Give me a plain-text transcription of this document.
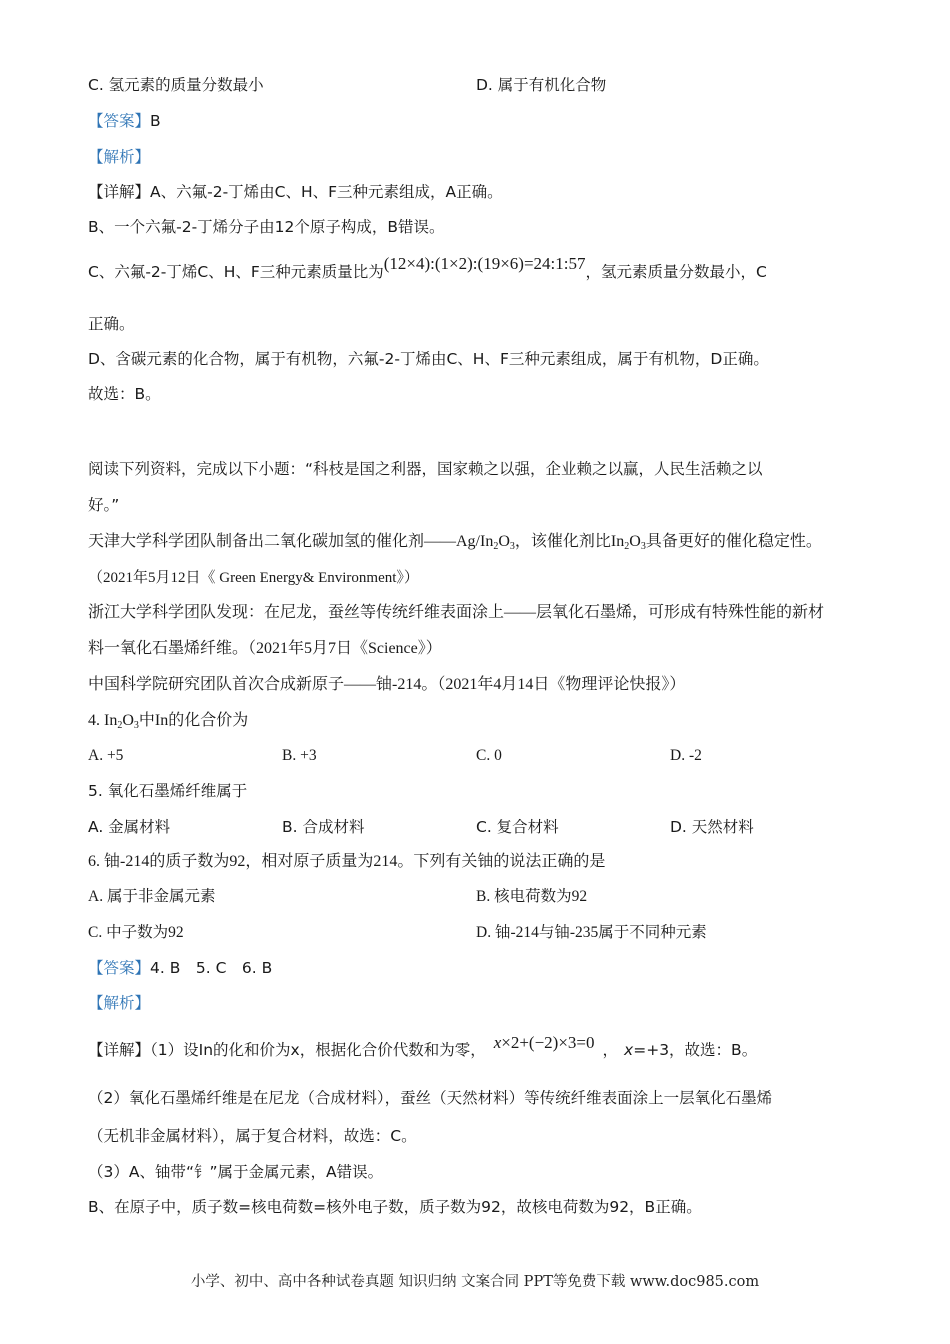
C. 氢元素的质量分数最小	D. 属于有机化合物
【答案】B
【解析】
【详解】A、六氟-2-丁烯由C、H、F三种元素组成，A正确。
B、一个六氟-2-丁烯分子由12个原子构成，B错误。
C、六氟-2-丁烯C、H、F三种元素质量比为(12×4):(1×2):(19×6)=24:1:57，氢元素质量分数最小，C
正确。
D、含碳元素的化合物，属于有机物，六氟-2-丁烯由C、H、F三种元素组成，属于有机物，D正确。
故选：B。
阅读下列资料，完成以下小题：“科枝是国之利器，国家赖之以强，企业赖之以赢，人民生活赖之以
好。”
天津大学科学团队制备出二氧化碳加氢的催化剂$——Ag/In_2O_3$，该催化剂比$In_2O_3$具备更好的催化稳定性。
（2021年5月12日《 Green Energy& Environment》）
浙江大学科学团队发现：在尼龙，蚕丝等传统纤维表面涂上——层氧化石墨烯，可形成有特殊性能的新材
料一氧化石墨烯纤维。（2021年5月7日《Science》）
中国科学院研究团队首次合成新原子——铀-214。（2021年4月14日《物理评论快报》）
4. $In_2O_3$中In的化合价为
A. +5	B. +3	C. 0	D. -2
5. 氧化石墨烯纤维属于
A. 金属材料	B. 合成材料	C. 复合材料	D. 天然材料
6. 铀-214的质子数为92，相对原子质量为214。下列有关铀的说法正确的是
A. 属于非金属元素	B. 核电荷数为92
C. 中子数为92	D. 铀-214与铀-235属于不同种元素
【答案】4. B　5. C　6. B
【解析】
【详解】（1）设In的化和价为x，根据化合价代数和为零， x×2+(−2)×3=0 ， x=+3，故选：B。
（2）氧化石墨烯纤维是在尼龙（合成材料），蚕丝（天然材料）等传统纤维表面涂上一层氧化石墨烯
（无机非金属材料），属于复合材料，故选：C。
（3）A、铀带“钅”属于金属元素，A错误。
B、在原子中，质子数=核电荷数=核外电子数，质子数为92，故核电荷数为92，B正确。
小学、初中、高中各种试卷真题 知识归纳 文案合同 PPT等免费下载 www.doc985.com
